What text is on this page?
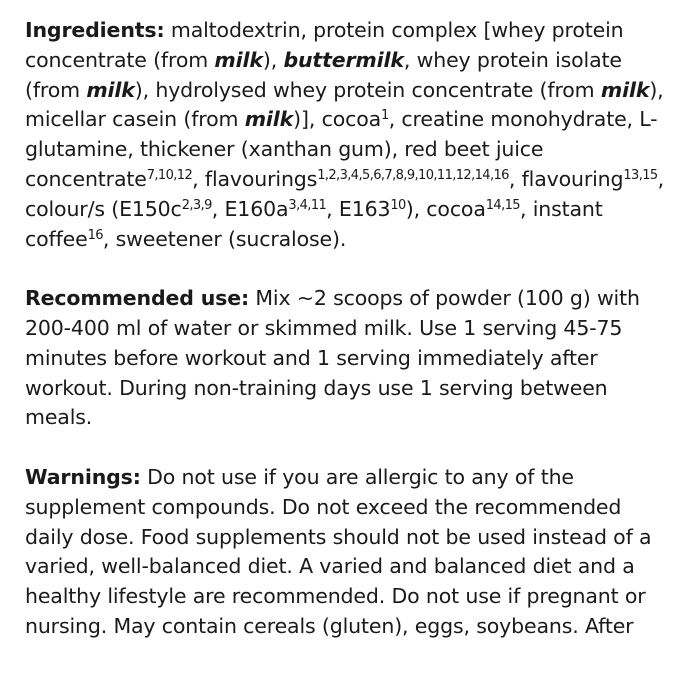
Ingredients: maltodextrin, protein complex [whey protein concentrate (from milk), buttermilk, whey protein isolate (from milk), hydrolysed whey protein concentrate (from milk), micellar casein (from milk)], cocoa$^1$, creatine monohydrate, L-glutamine, thickener (xanthan gum), red beet juice concentrate$^{7,10,12}$, flavourings$^{1,2,3,4,5,6,7,8,9,10,11,12,14,16}$, flavouring$^{13,15}$, colour/s ($E150c^{2,3,9}$, $E160a^{3,4,11}$, $E163^{10}$), cocoa$^{14,15}$, instant coffee$^{16}$, sweetener (sucralose).

Recommended use: Mix ~2 scoops of powder (100 g) with 200-400 ml of water or skimmed milk. Use 1 serving 45-75 minutes before workout and 1 serving immediately after workout. During non-training days use 1 serving between meals.

Warnings: Do not use if you are allergic to any of the supplement compounds. Do not exceed the recommended daily dose. Food supplements should not be used instead of a varied, well-balanced diet. A varied and balanced diet and a healthy lifestyle are recommended. Do not use if pregnant or nursing. May contain cereals (gluten), eggs, soybeans. After
